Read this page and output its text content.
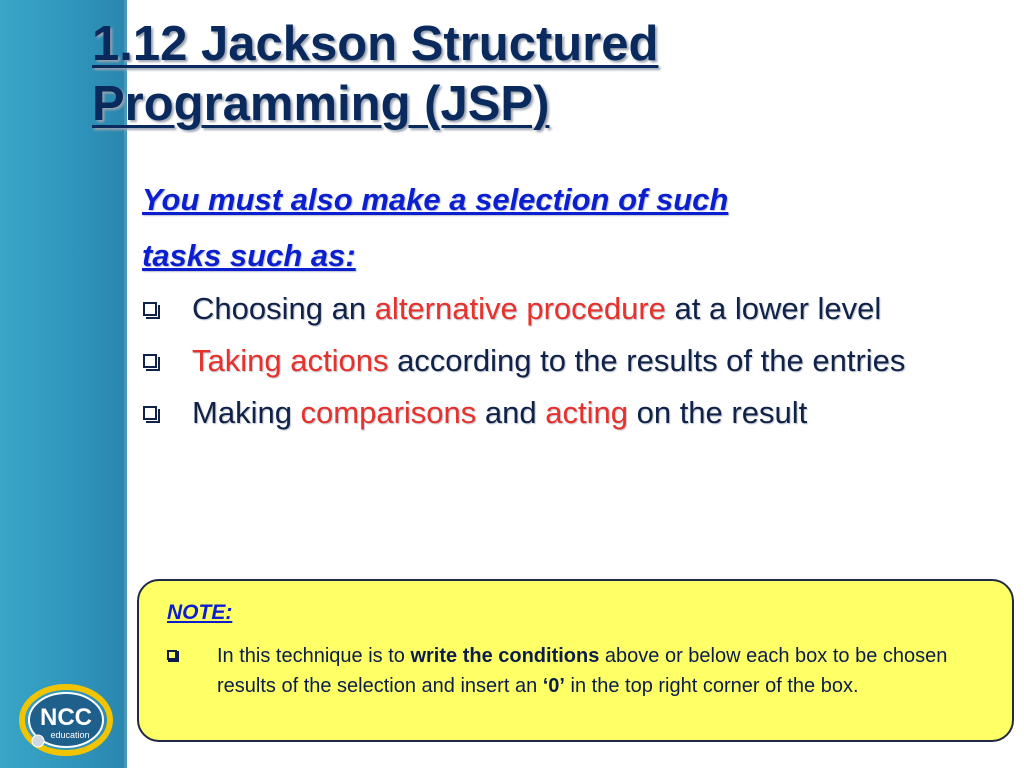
NCC
education
1.12 Jackson Structured
Programming (JSP)
You must also make a selection of such
tasks such as:
Choosing an alternative procedure at a lower level
Taking actions according to the results of the entries
Making comparisons and acting on the result
NOTE:
In this technique is to write the conditions above or below each box to be chosen results of the selection and insert an ‘0’ in the top right corner of the box.
